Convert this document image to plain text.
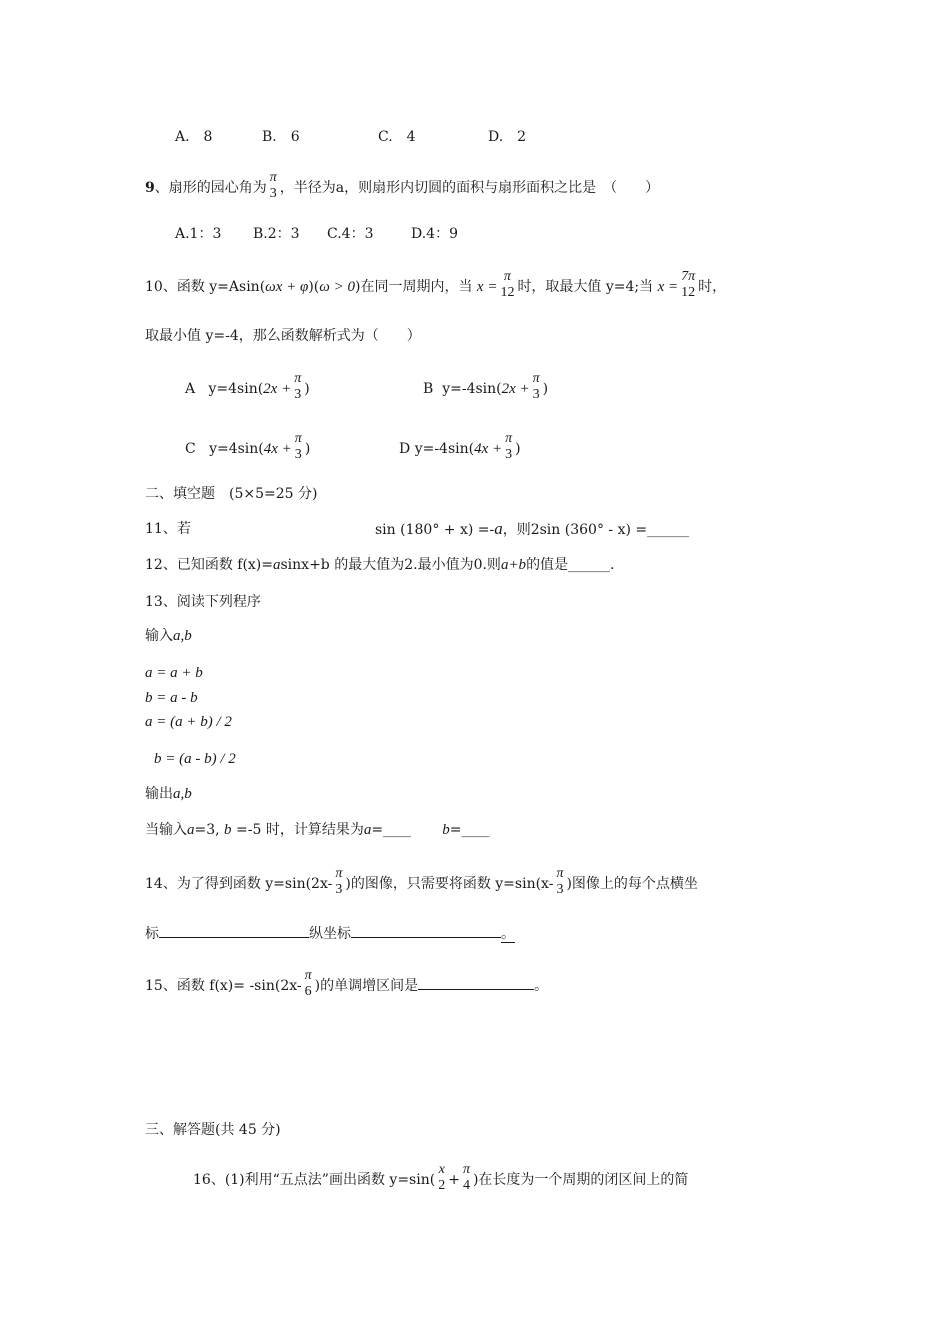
A.　8	B.　6	C.　4	D.　2
9、扇形的园心角为
π
3 ，半径为a，则扇形内切圆的面积与扇形面积之比是　（　　）
A.1：3 B.2：3 C.4：3	D.4：9
10、函数 y=Asin(ωx + φ)(ω > 0)在同一周期内，当 x =
π
12 时，取最大值 y=4;当 x =
7π
12 时，
取最小值 y=-4，那么函数解析式为（　　）
A y=4sin(2x +
π
3 )	B y=-4sin(2x +
π
3 )
C y=4sin(4x +
π
3 )	D y=-4sin(4x +
π
3 )
二、填空题　(5×5=25 分)
11、若	sin (180° + x) =-a，则2sin (360° - x) =______
12、已知函数 f(x)=asinx+b 的最大值为2.最小值为0.则a+b的值是______.
13、阅读下列程序
输入a,b
a = a + b
b = a - b
a = (a + b) / 2
b = (a - b) / 2
输出a,b
当输入a=3, b =-5 时，计算结果为a=____ b=____
14、为了得到函数 y=sin(2x-
π
3 )的图像，只需要将函数 y=sin(x-
π
3 )图像上的每个点横坐
标	纵坐标	。
15、函数 f(x)= -sin(2x-
π
6 )的单调增区间是	。
三、解答题(共 45 分)
16、(1)利用“五点法”画出函数 y=sin(
x
2 +
π
4 )在长度为一个周期的闭区间上的简
